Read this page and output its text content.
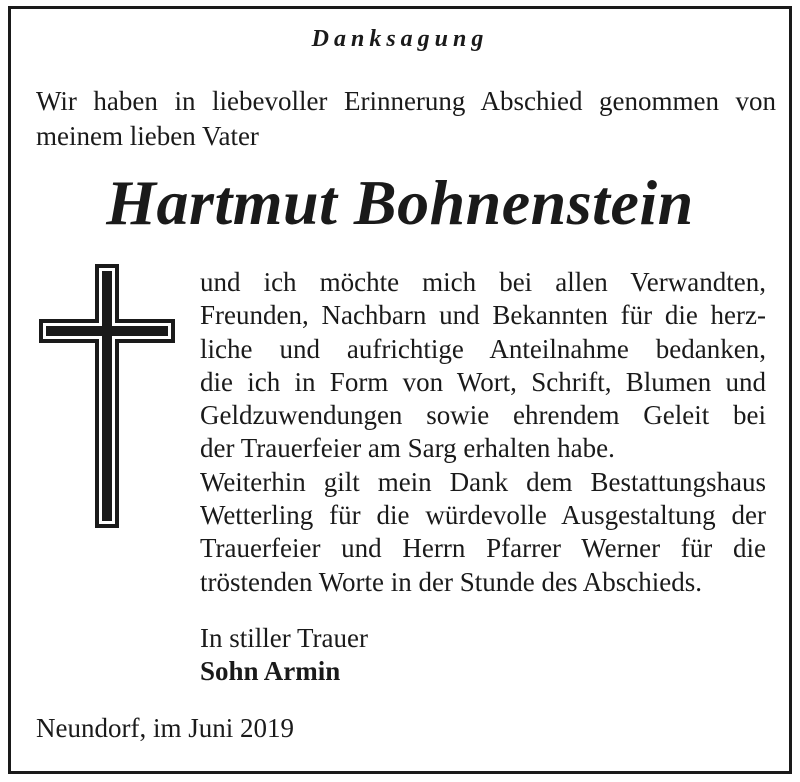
Danksagung
Wir haben in liebevoller Erinnerung Abschied genommen von
meinem lieben Vater
Hartmut Bohnenstein
und ich möchte mich bei allen Verwandten,
Freunden, Nachbarn und Bekannten für die herz-
liche und aufrichtige Anteilnahme bedanken,
die ich in Form von Wort, Schrift, Blumen und
Geldzuwendungen sowie ehrendem Geleit bei
der Trauerfeier am Sarg erhalten habe.
Weiterhin gilt mein Dank dem Bestattungshaus
Wetterling für die würdevolle Ausgestaltung der
Trauerfeier und Herrn Pfarrer Werner für die
tröstenden Worte in der Stunde des Abschieds.
In stiller Trauer
Sohn Armin
Neundorf, im Juni 2019
